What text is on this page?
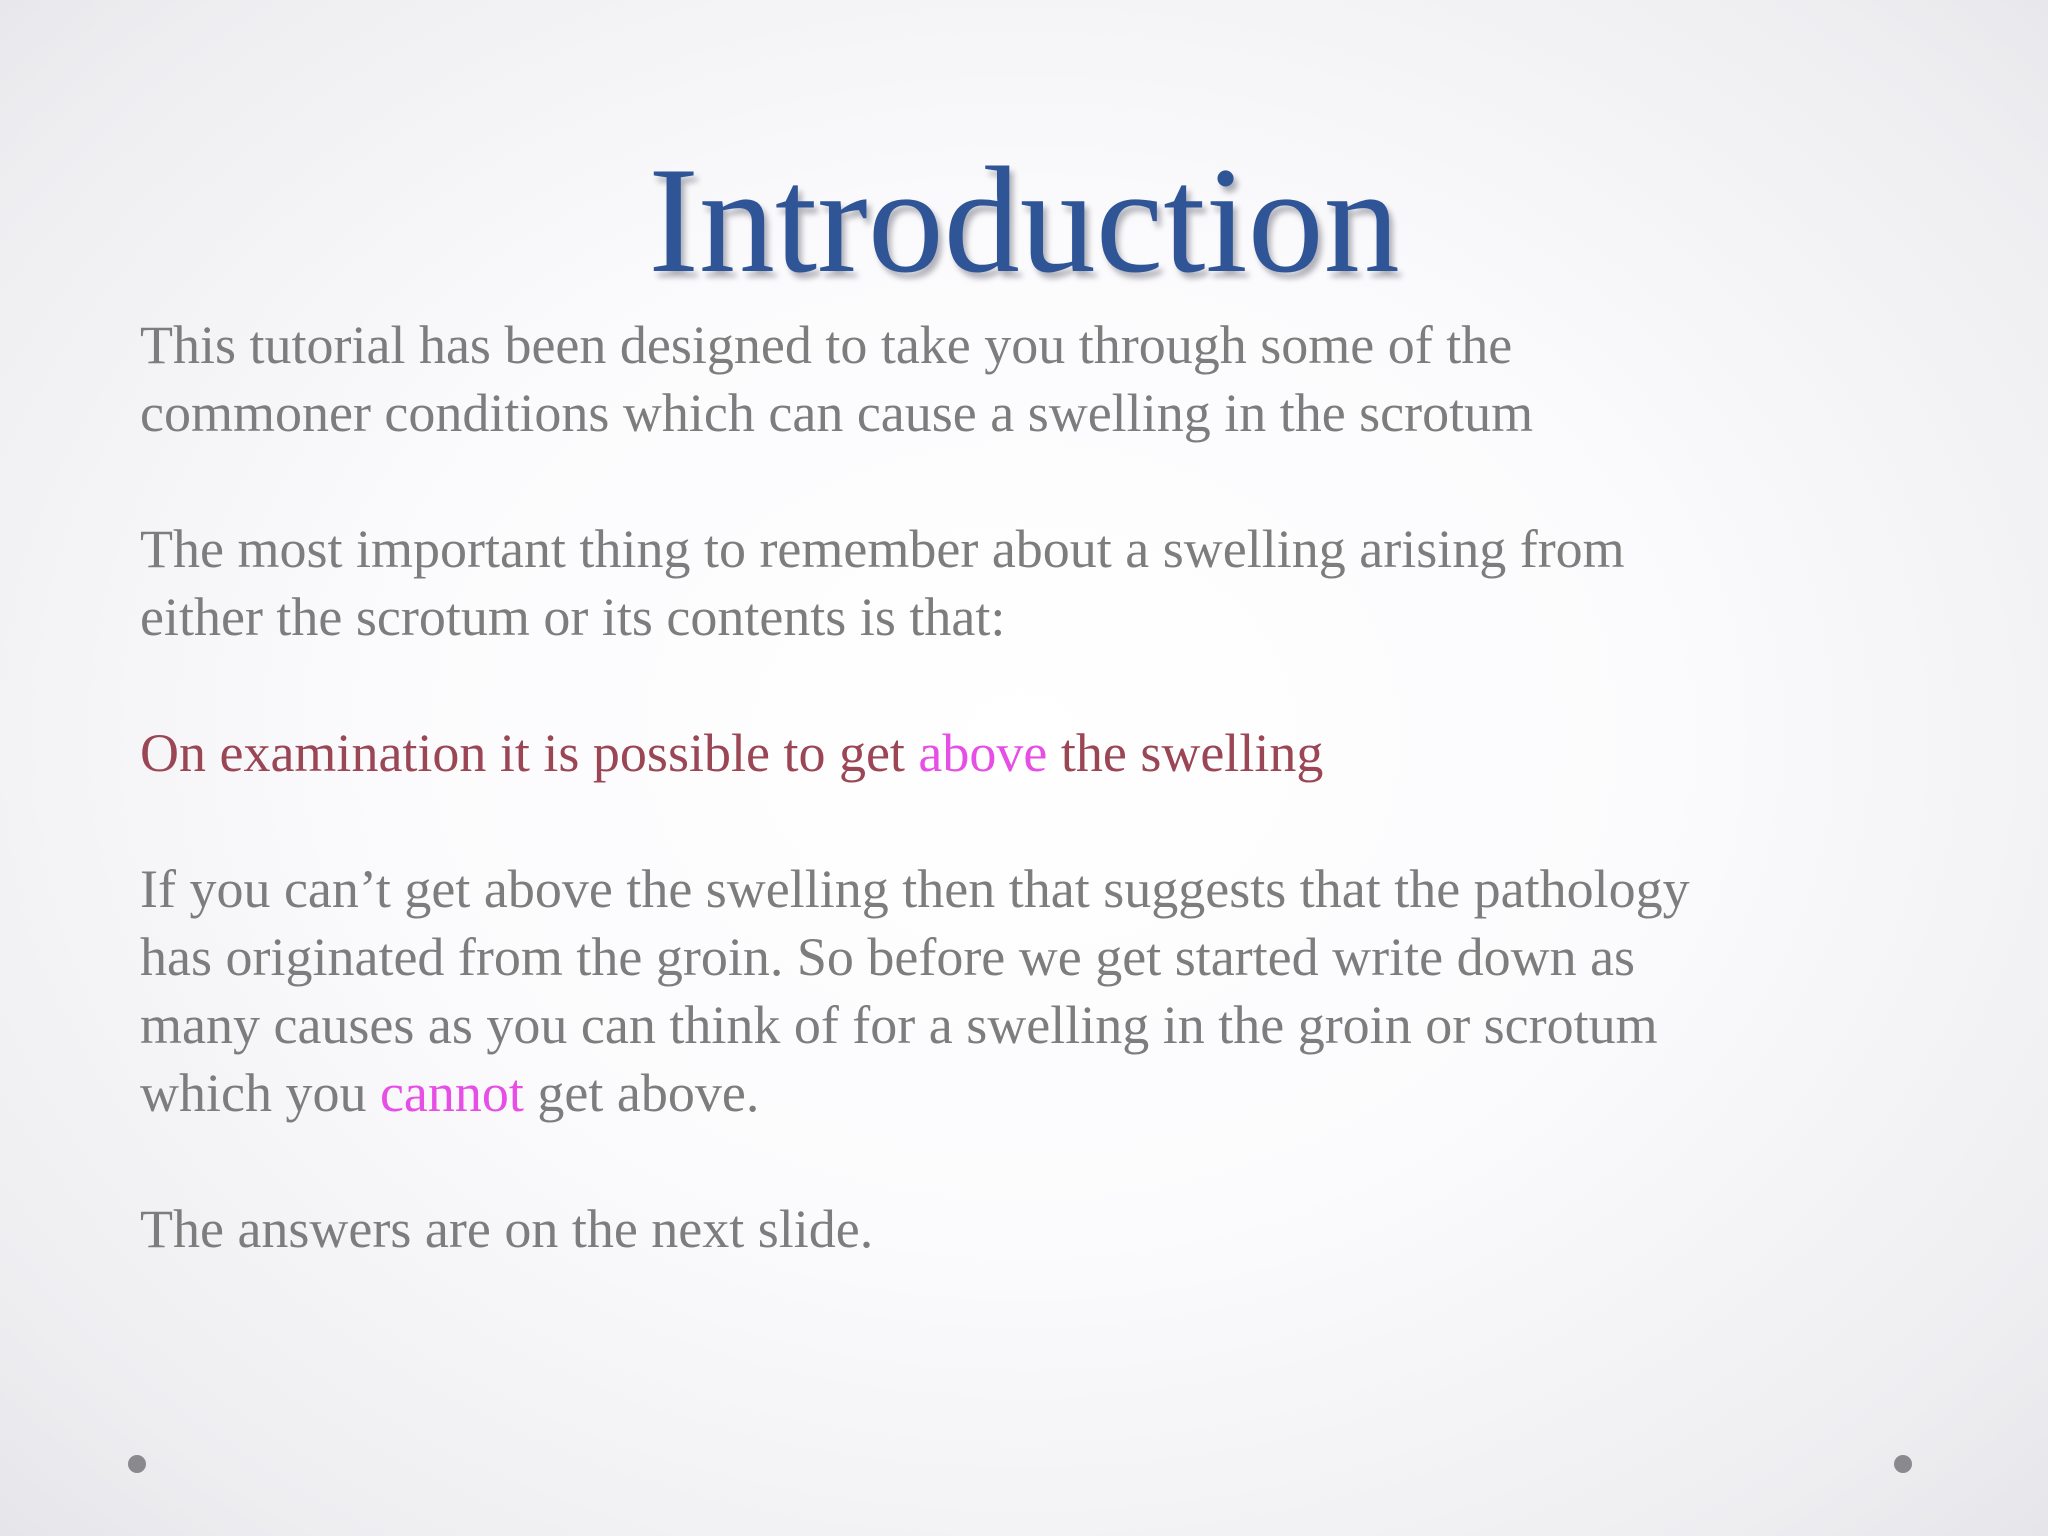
Introduction

This tutorial has been designed to take you through some of the
commoner conditions which can cause a swelling in the scrotum

The most important thing to remember about a swelling arising from
either the scrotum or its contents is that:

On examination it is possible to get above the swelling

If you can’t get above the swelling then that suggests that the pathology
has originated from the groin. So before we get started write down as
many causes as you can think of for a swelling in the groin or scrotum
which you cannot get above.

The answers are on the next slide.
